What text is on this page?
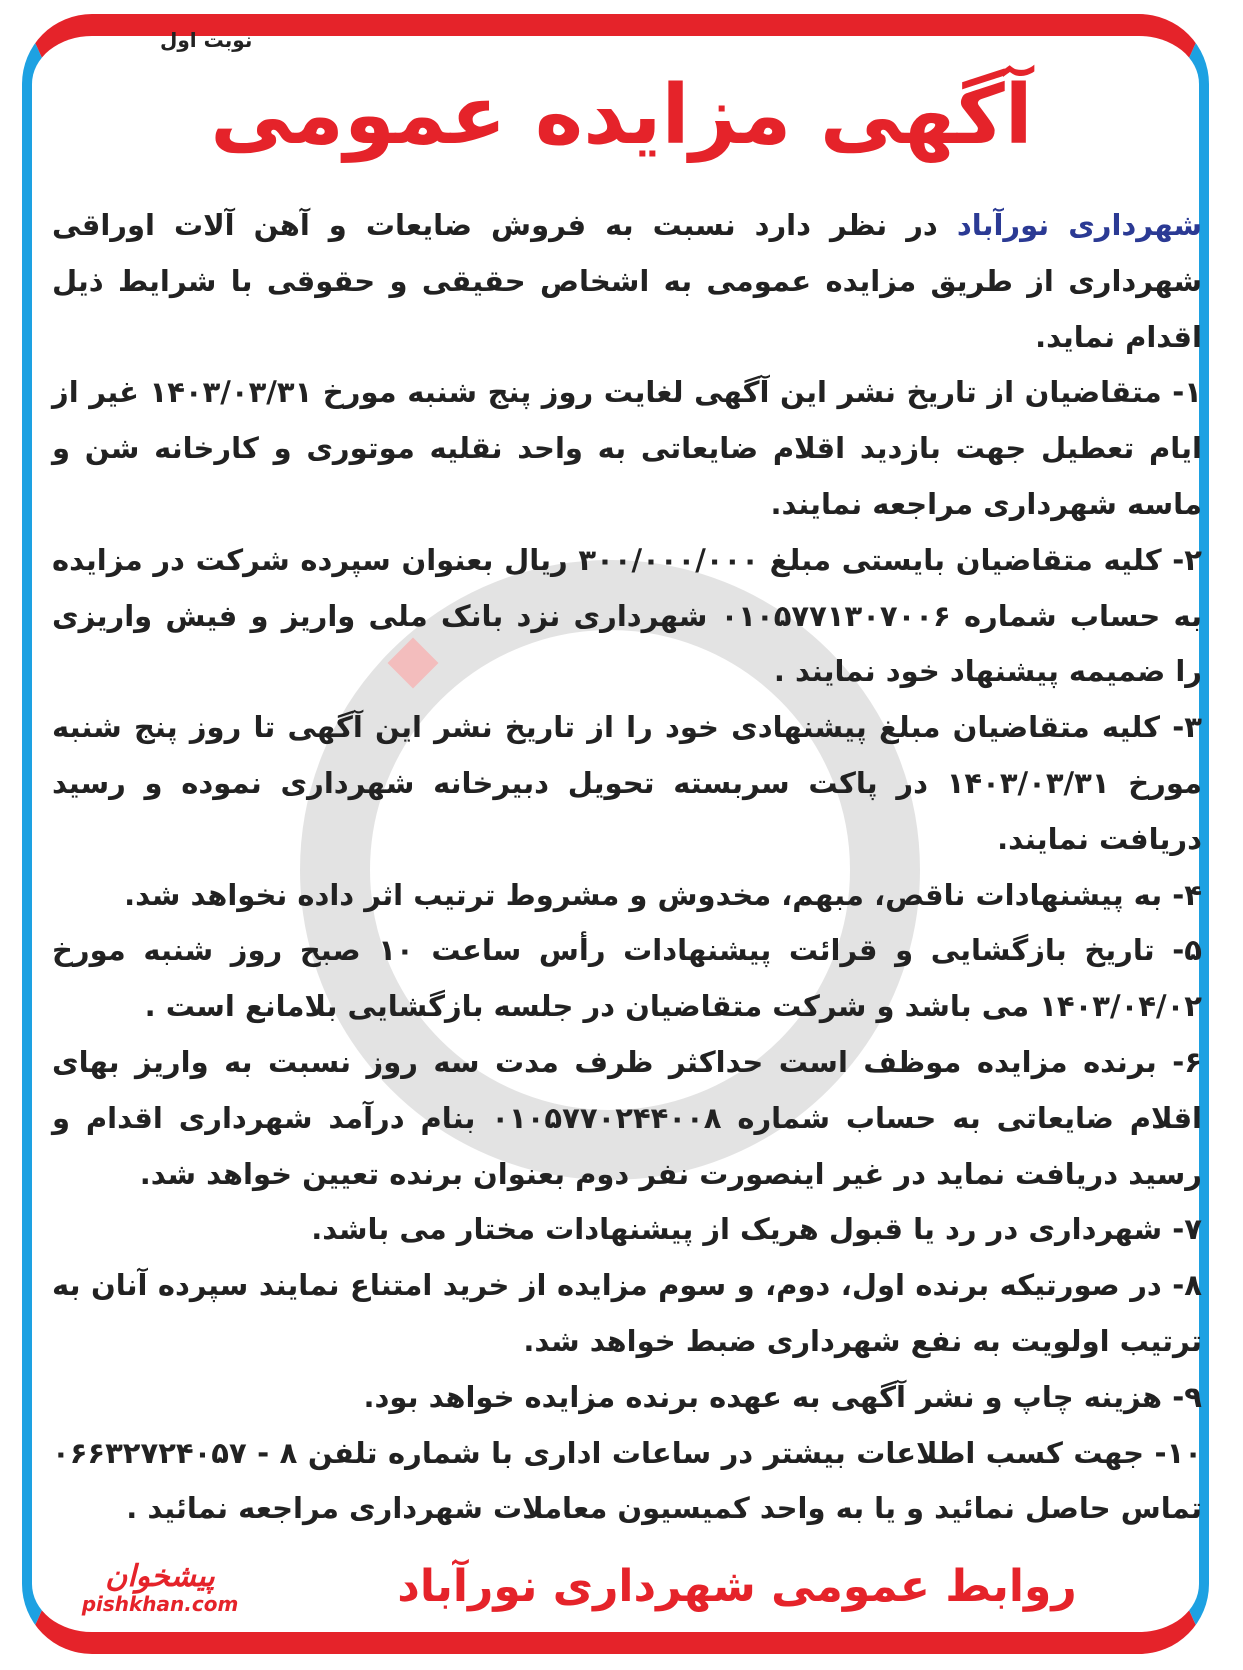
نوبت اول
آگهی مزایده عمومی

شهرداری نورآباد در نظر دارد نسبت به فروش ضایعات و آهن آلات اوراقی شهرداری از طریق مزایده عمومی به اشخاص حقیقی و حقوقی با شرایط ذیل اقدام نماید.

۱- متقاضیان از تاریخ نشر این آگهی لغایت روز پنج شنبه مورخ ۱۴۰۳/۰۳/۳۱ غیر از ایام تعطیل جهت بازدید اقلام ضایعاتی به واحد نقلیه موتوری و کارخانه شن و ماسه شهرداری مراجعه نمایند.

۲- کلیه متقاضیان بایستی مبلغ ۳۰۰/۰۰۰/۰۰۰ ریال بعنوان سپرده شرکت در مزایده به حساب شماره ۰۱۰۵۷۷۱۳۰۷۰۰۶ شهرداری نزد بانک ملی واریز و فیش واریزی را ضمیمه پیشنهاد خود نمایند .

۳- کلیه متقاضیان مبلغ پیشنهادی خود را از تاریخ نشر این آگهی تا روز پنج شنبه مورخ ۱۴۰۳/۰۳/۳۱ در پاکت سربسته تحویل دبیرخانه شهرداری نموده و رسید دریافت نمایند.

۴- به پیشنهادات ناقص، مبهم، مخدوش و مشروط ترتیب اثر داده نخواهد شد.

۵- تاریخ بازگشایی و قرائت پیشنهادات رأس ساعت ۱۰ صبح روز شنبه مورخ ۱۴۰۳/۰۴/۰۲ می باشد و شرکت متقاضیان در جلسه بازگشایی بلامانع است .

۶- برنده مزایده موظف است حداکثر ظرف مدت سه روز نسبت به واریز بهای اقلام ضایعاتی به حساب شماره ۰۱۰۵۷۷۰۲۴۴۰۰۸ بنام درآمد شهرداری اقدام و رسید دریافت نماید در غیر اینصورت نفر دوم بعنوان برنده تعیین خواهد شد.

۷- شهرداری در رد یا قبول هریک از پیشنهادات مختار می باشد.

۸- در صورتیکه برنده اول، دوم، و سوم مزایده از خرید امتناع نمایند سپرده آنان به ترتیب اولویت به نفع شهرداری ضبط خواهد شد.

۹- هزینه چاپ و نشر آگهی به عهده برنده مزایده خواهد بود.

۱۰- جهت کسب اطلاعات بیشتر در ساعات اداری با شماره تلفن ۸ - ۰۶۶۳۲۷۲۴۰۵۷ تماس حاصل نمائید و یا به واحد کمیسیون معاملات شهرداری مراجعه نمائید .

روابط عمومی شهرداری نورآباد
پیشخوان
pishkhan.com
